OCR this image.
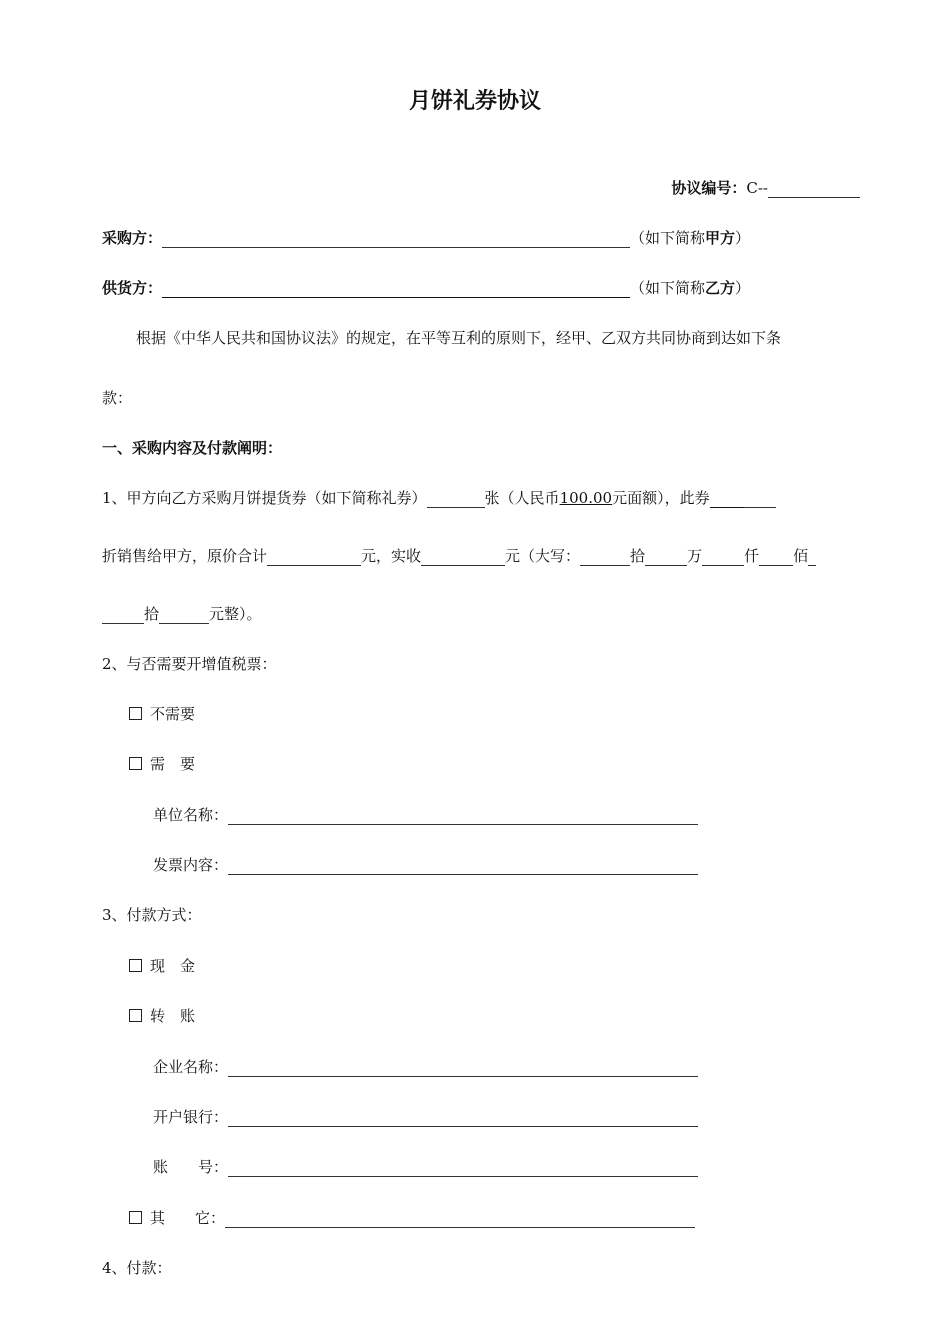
月饼礼券协议
协议编号：C--
采购方：	（如下简称甲方）
供货方：	（如下简称乙方）
根据《中华人民共和国协议法》的规定，在平等互利的原则下，经甲、乙双方共同协商到达如下条
款：
一、采购内容及付款阐明：
1、甲方向乙方采购月饼提货券（如下简称礼券）	张（人民币100.00元面额），此券
折销售给甲方，原价合计	元，实收	元（大写：	拾	万	仟 佰
拾	元整）。
2、与否需要开增值税票：
不需要
需　要
单位名称：
发票内容：
3、付款方式：
现　金
转　账
企业名称：
开户银行：
账　　号：
其　　它：
4、付款：
